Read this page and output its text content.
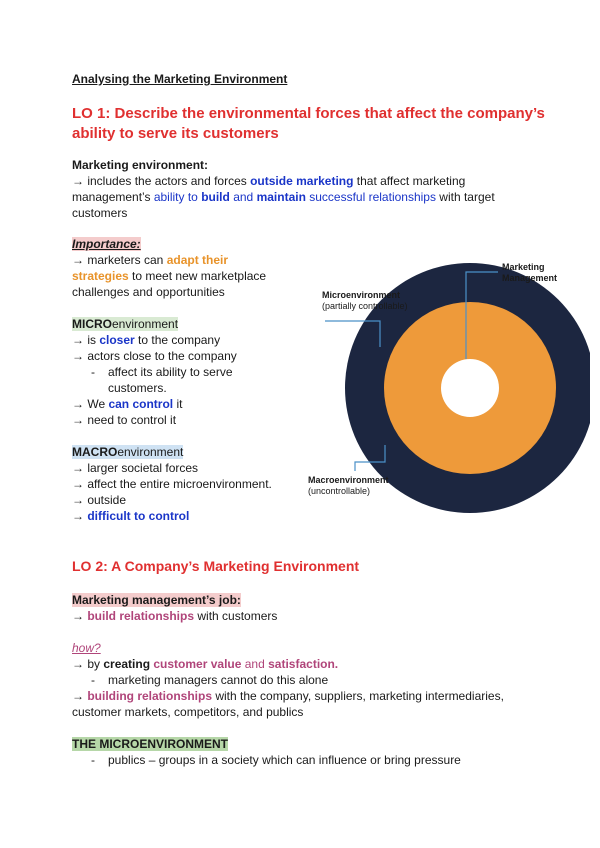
Analysing the Marketing Environment
LO 1: Describe the environmental forces that affect the company’s
ability to serve its customers
Marketing environment:
→ includes the actors and forces outside marketing that affect marketing
management’s ability to build and maintain successful relationships with target
customers
Importance:
→ marketers can adapt their
strategies to meet new marketplace
challenges and opportunities
MICROenvironment
→ is closer to the company
→ actors close to the company
- affect its ability to serve
customers.
→ We can control it
→ need to control it
MACROenvironment
→ larger societal forces
→ affect the entire microenvironment.
→ outside
→ difficult to control
Marketing
Management
Microenvironment
(partially controllable)
Macroenvironment
(uncontrollable)
LO 2: A Company’s Marketing Environment
Marketing management’s job:
→ build relationships with customers
how?
→ by creating customer value and satisfaction.
- marketing managers cannot do this alone
→ building relationships with the company, suppliers, marketing intermediaries,
customer markets, competitors, and publics
THE MICROENVIRONMENT
- publics – groups in a society which can influence or bring pressure
